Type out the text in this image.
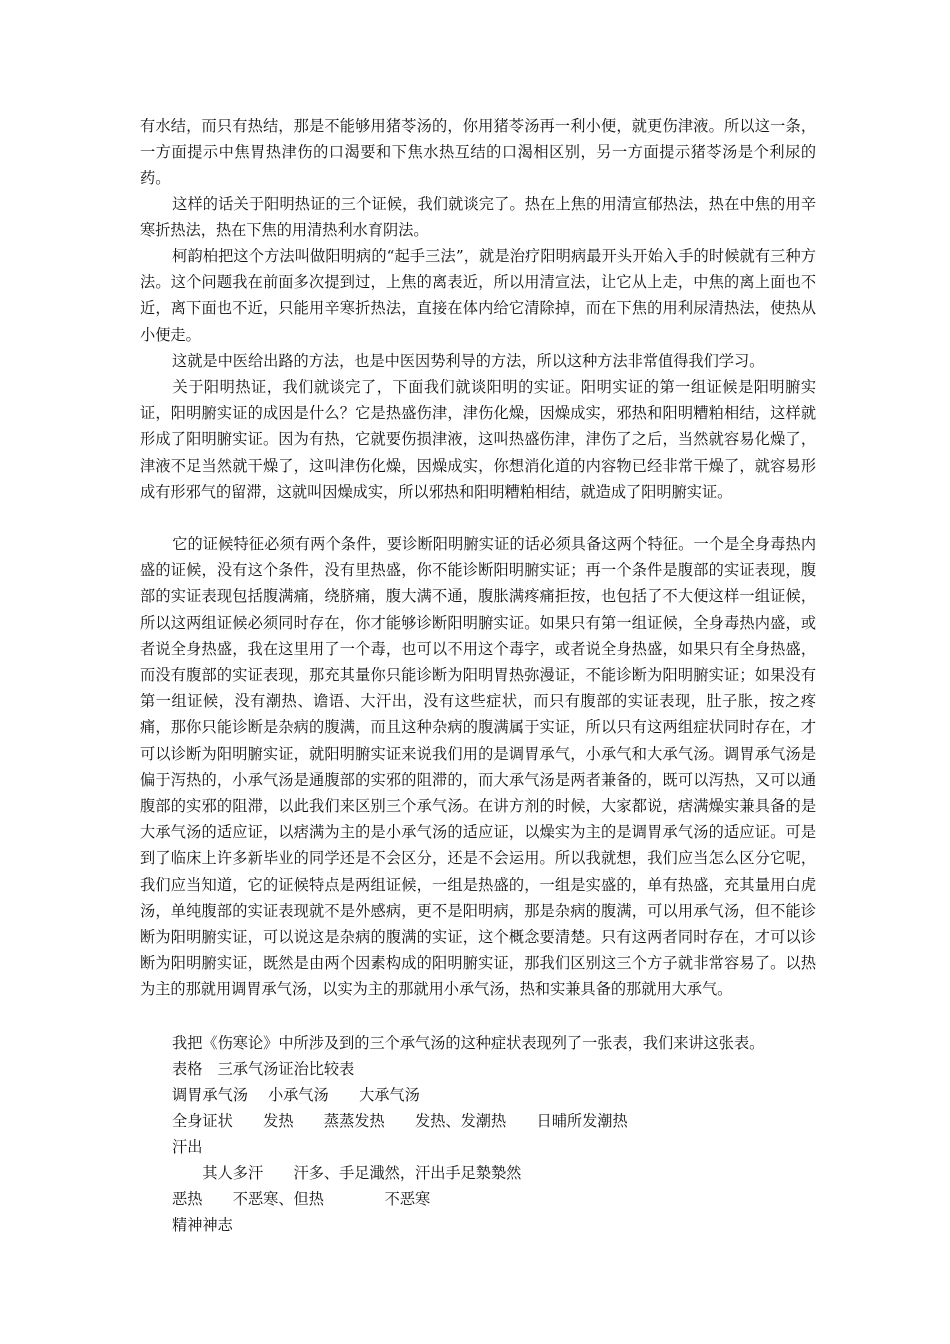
有水结，而只有热结，那是不能够用猪苓汤的，你用猪苓汤再一利小便，就更伤津液。所以这一条，一方面提示中焦胃热津伤的口渴要和下焦水热互结的口渴相区别，另一方面提示猪苓汤是个利尿的药。

这样的话关于阳明热证的三个证候，我们就谈完了。热在上焦的用清宣郁热法，热在中焦的用辛寒折热法，热在下焦的用清热利水育阴法。

柯韵柏把这个方法叫做阳明病的“起手三法”，就是治疗阳明病最开头开始入手的时候就有三种方法。这个问题我在前面多次提到过，上焦的离表近，所以用清宣法，让它从上走，中焦的离上面也不近，离下面也不近，只能用辛寒折热法，直接在体内给它清除掉，而在下焦的用利尿清热法，使热从小便走。

这就是中医给出路的方法，也是中医因势利导的方法，所以这种方法非常值得我们学习。

关于阳明热证，我们就谈完了，下面我们就谈阳明的实证。阳明实证的第一组证候是阳明腑实证，阳明腑实证的成因是什么？它是热盛伤津，津伤化燥，因燥成实，邪热和阳明糟粕相结，这样就形成了阳明腑实证。因为有热，它就要伤损津液，这叫热盛伤津，津伤了之后，当然就容易化燥了，津液不足当然就干燥了，这叫津伤化燥，因燥成实，你想消化道的内容物已经非常干燥了，就容易形成有形邪气的留滞，这就叫因燥成实，所以邪热和阳明糟粕相结，就造成了阳明腑实证。

它的证候特征必须有两个条件，要诊断阳明腑实证的话必须具备这两个特征。一个是全身毒热内盛的证候，没有这个条件，没有里热盛，你不能诊断阳明腑实证；再一个条件是腹部的实证表现，腹部的实证表现包括腹满痛，绕脐痛，腹大满不通，腹胀满疼痛拒按，也包括了不大便这样一组证候，所以这两组证候必须同时存在，你才能够诊断阳明腑实证。如果只有第一组证候，全身毒热内盛，或者说全身热盛，我在这里用了一个毒，也可以不用这个毒字，或者说全身热盛，如果只有全身热盛，而没有腹部的实证表现，那充其量你只能诊断为阳明胃热弥漫证，不能诊断为阳明腑实证；如果没有第一组证候，没有潮热、谵语、大汗出，没有这些症状，而只有腹部的实证表现，肚子胀，按之疼痛，那你只能诊断是杂病的腹满，而且这种杂病的腹满属于实证，所以只有这两组症状同时存在，才可以诊断为阳明腑实证，就阳明腑实证来说我们用的是调胃承气，小承气和大承气汤。调胃承气汤是偏于泻热的，小承气汤是通腹部的实邪的阻滞的，而大承气汤是两者兼备的，既可以泻热，又可以通腹部的实邪的阻滞，以此我们来区别三个承气汤。在讲方剂的时候，大家都说，痞满燥实兼具备的是大承气汤的适应证，以痞满为主的是小承气汤的适应证，以燥实为主的是调胃承气汤的适应证。可是到了临床上许多新毕业的同学还是不会区分，还是不会运用。所以我就想，我们应当怎么区分它呢，我们应当知道，它的证候特点是两组证候，一组是热盛的，一组是实盛的，单有热盛，充其量用白虎汤，单纯腹部的实证表现就不是外感病，更不是阳明病，那是杂病的腹满，可以用承气汤，但不能诊断为阳明腑实证，可以说这是杂病的腹满的实证，这个概念要清楚。只有这两者同时存在，才可以诊断为阳明腑实证，既然是由两个因素构成的阳明腑实证，那我们区别这三个方子就非常容易了。以热为主的那就用调胃承气汤，以实为主的那就用小承气汤，热和实兼具备的那就用大承气。

我把《伤寒论》中所涉及到的三个承气汤的这种症状表现列了一张表，我们来讲这张表。

表格　三承气汤证治比较表

调胃承气汤　 小承气汤　　大承气汤

全身证状　　发热　　蒸蒸发热　　发热、发潮热　　日晡所发潮热

汗出

　　其人多汗　　汗多、手足濈然，汗出手足漐漐然

恶热　　不恶寒、但热　　　　不恶寒

精神神志
